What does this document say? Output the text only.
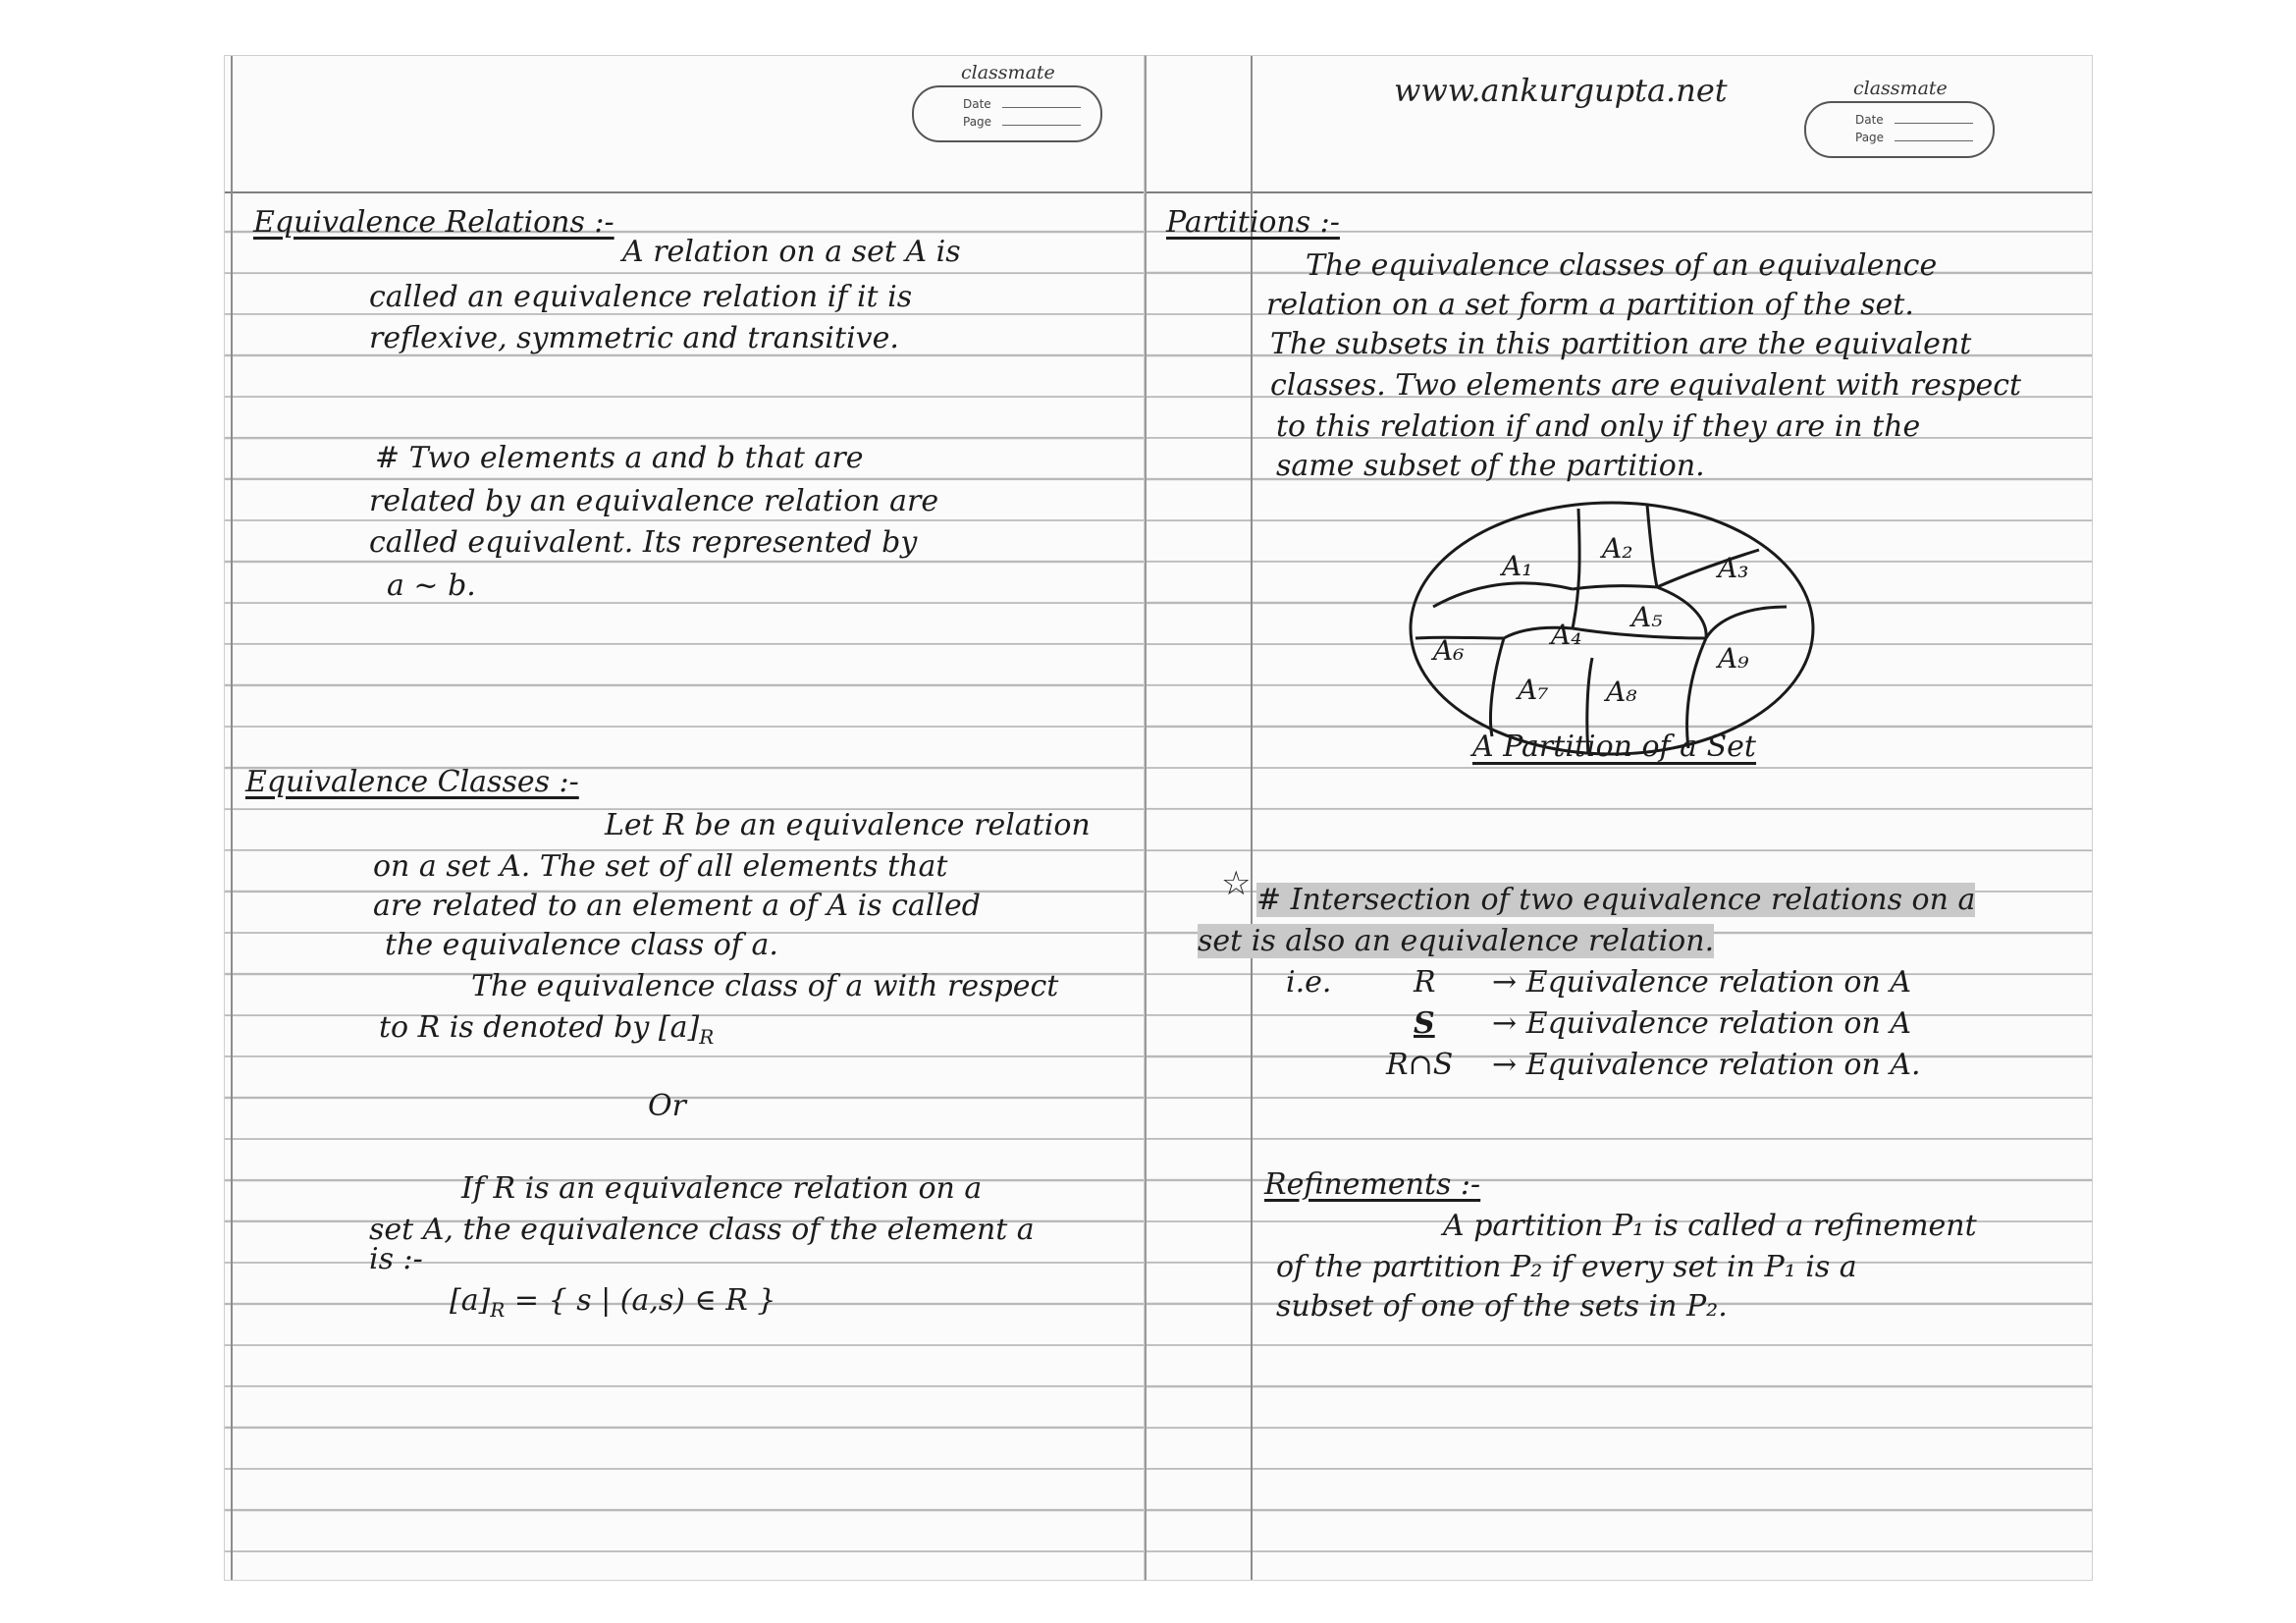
classmate
Date
Page
classmate
Date
Page
Equivalence Relations :-
A relation on a set A is
called an equivalence relation if it is
reflexive, symmetric and transitive.
# Two elements a and b that are
related by an equivalence relation are
called equivalent. Its represented by
a ~ b.
Equivalence Classes :-
Let R be an equivalence relation
on a set A. The set of all elements that
are related to an element a of A is called
the equivalence class of a.
The equivalence class of a with respect
to R is denoted by $[a]_R$
Or
If R is an equivalence relation on a
set A, the equivalence class of the element a
is :-
$[a]_R$ = { s | (a,s) ∈ R }
www.ankurgupta.net
Partitions :-
The equivalence classes of an equivalence
relation on a set form a partition of the set.
The subsets in this partition are the equivalent
classes. Two elements are equivalent with respect
to this relation if and only if they are in the
same subset of the partition.
A₁
A₂
A₃
A₄
A₅
A₆
A₇ A₈
A₉
A Partition of a Set
☆ # Intersection of two equivalence relations on a
set is also an equivalence relation.
i.e.	R → Equivalence relation on A
S → Equivalence relation on A
R∩S → Equivalence relation on A.
Refinements :-
A partition P₁ is called a refinement
of the partition P₂ if every set in P₁ is a
subset of one of the sets in P₂.
